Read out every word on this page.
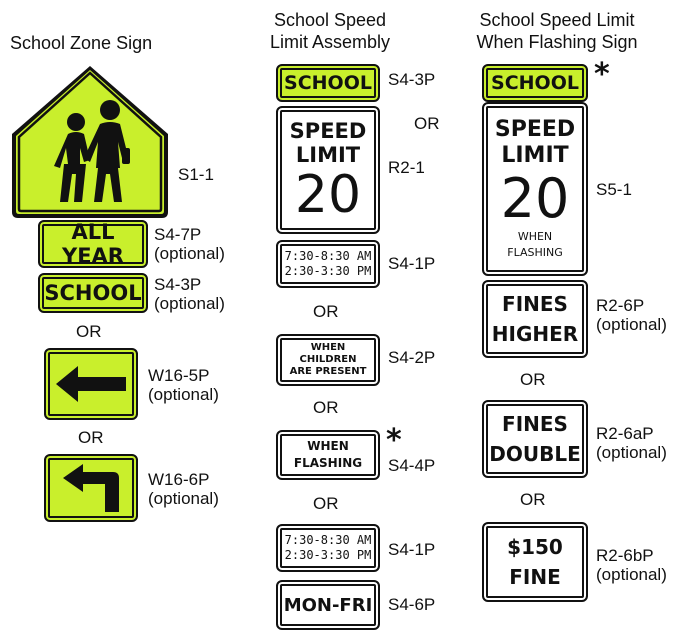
School Zone Sign
School Speed
Limit Assembly
School Speed Limit
When Flashing Sign
S1-1
ALL YEAR
S4-7P
(optional)
SCHOOL S4-3P
(optional)
OR
W16-5P
(optional)
OR
W16-6P
(optional)
SCHOOL S4-3P
OR
SPEED
LIMIT
20 R2-1
7:30-8:30 AM
2:30-3:30 PM S4-1P
OR
WHEN
CHILDREN
ARE PRESENT
S4-2P
OR
WHEN
FLASHING
*
S4-4P
OR
7:30-8:30 AM
2:30-3:30 PM S4-1P
MON-FRI S4-6P
SCHOOL *
SPEED
LIMIT
20
WHEN
FLASHING
S5-1
FINES
HIGHER
R2-6P
(optional)
OR
FINES
DOUBLE
R2-6aP
(optional)
OR
$150
FINE
R2-6bP
(optional)
